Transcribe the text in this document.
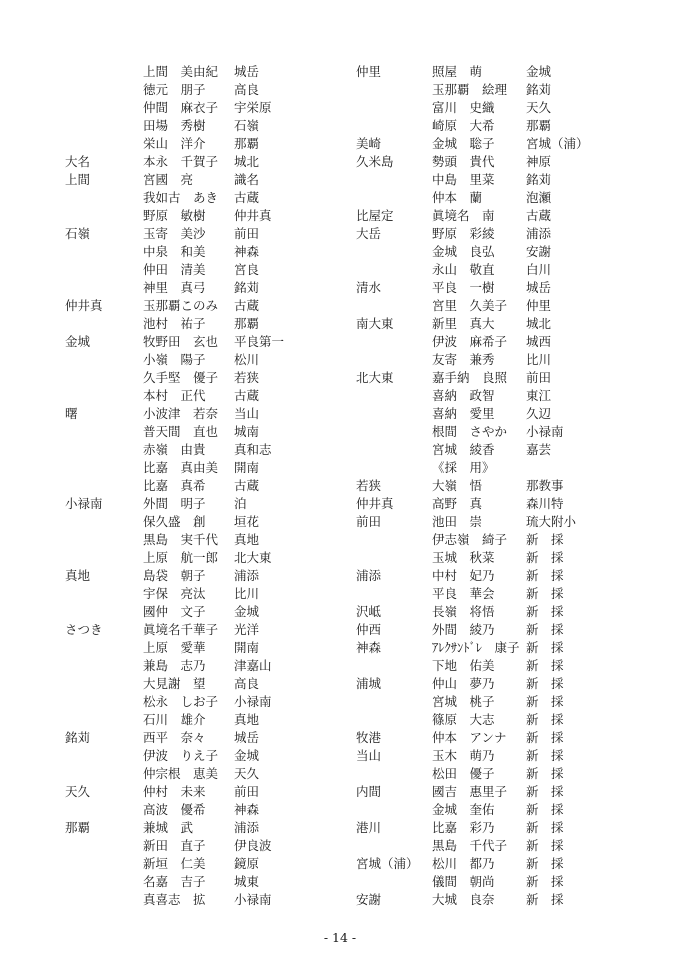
上間　美由紀 城岳
徳元　朋子 高良
仲間　麻衣子 宇栄原
田場　秀樹 石嶺
栄山　洋介 那覇
大名	本永　千賀子 城北
上間	宮國　亮	識名
我如古　あき 古蔵
野原　敏樹 仲井真
石嶺	玉寄　美沙 前田
中泉　和美 神森
仲田　清美 宮良
神里　真弓 銘苅
仲井真	玉那覇このみ 古蔵
池村　祐子 那覇
金城	牧野田　玄也 平良第一
小嶺　陽子 松川
久手堅　優子 若狭
本村　正代 古蔵
曙	小波津　若奈 当山
普天間　直也 城南
赤嶺　由貴 真和志
比嘉　真由美 開南
比嘉　真希 古蔵
小禄南	外間　明子 泊
保久盛　創 垣花
黒島　実千代 真地
上原　航一郎 北大東
真地	島袋　朝子 浦添
宇保　亮汰 比川
國仲　文子 金城
さつき	眞境名千華子 光洋
上原　愛華 開南
兼島　志乃 津嘉山
大見謝　望 高良
松永　しお子 小禄南
石川　雄介 真地
銘苅	西平　奈々 城岳
伊波　りえ子 金城
仲宗根　恵美 天久
天久	仲村　未来 前田
高波　優希 神森
那覇	兼城　武	浦添
新田　直子 伊良波
新垣　仁美 鏡原
名嘉　吉子 城東
真喜志　拡 小禄南
仲里	照屋　萌	金城
玉那覇　絵理 銘苅
富川　史織	天久
崎原　大希	那覇
美崎	金城　聡子	宮城（浦）
久米島	勢頭　貴代	神原
中島　里菜	銘苅
仲本　蘭	泡瀬
比屋定	眞境名　南	古蔵
大岳	野原　彩綾	浦添
金城　良弘	安謝
永山　敬直	白川
清水	平良　一樹	城岳
宮里　久美子 仲里
南大東	新里　真大	城北
伊波　麻希子 城西
友寄　兼秀	比川
北大東	嘉手納　良照 前田
喜納　政智	東江
喜納　愛里	久辺
根間　さやか 小禄南
宮城　綾香	嘉芸
《採　用》
若狭	大嶺　悟	那教事
仲井真	高野　真	森川特
前田	池田　崇	琉大附小
伊志嶺　綺子 新　採
玉城　秋菜	新　採
浦添	中村　妃乃	新　採
平良　華会	新　採
沢岻	長嶺　将悟	新　採
仲西	外間　綾乃	新　採
神森	ｱﾚｸｻﾝﾄﾞﾚ　康子 新　採
下地　佑美	新　採
浦城	仲山　夢乃	新　採
宮城　桃子	新　採
篠原　大志	新　採
牧港	仲本　アンナ 新　採
当山	玉木　萌乃	新　採
松田　優子	新　採
内間	國吉　惠里子 新　採
金城　奎佑	新　採
港川	比嘉　彩乃	新　採
黒島　千代子 新　採
宮城（浦） 松川　都乃	新　採
儀間　朝尚	新　採
安謝	大城　良奈	新　採
- 14 -
